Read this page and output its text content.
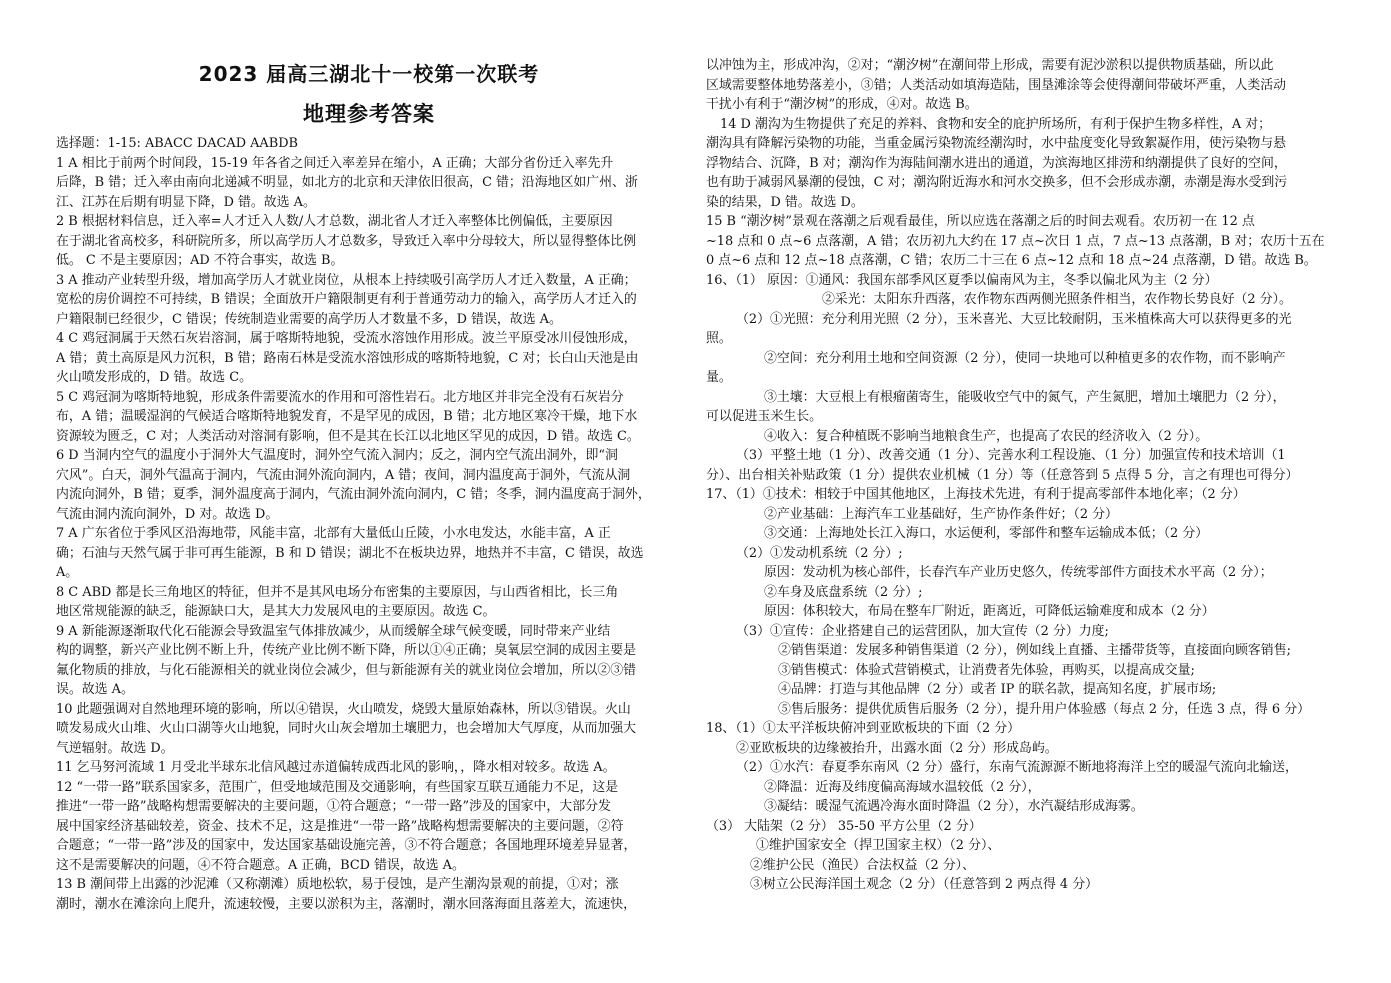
2023 届高三湖北十一校第一次联考
地理参考答案
选择题：1-15: ABACC DACAD AABDB
1 A 相比于前两个时间段，15-19 年各省之间迁入率差异在缩小，A 正确；大部分省份迁入率先升
后降，B 错；迁入率由南向北递减不明显，如北方的北京和天津依旧很高，C 错；沿海地区如广州、浙
江、江苏在后期有明显下降，D 错。故选 A。
2 B 根据材料信息，迁入率=人才迁入人数/人才总数，湖北省人才迁入率整体比例偏低，主要原因
在于湖北省高校多，科研院所多，所以高学历人才总数多，导致迁入率中分母较大，所以显得整体比例
低。 C 不是主要原因；AD 不符合事实，故选 B。
3 A 推动产业转型升级，增加高学历人才就业岗位，从根本上持续吸引高学历人才迁入数量，A 正确；
宽松的房价调控不可持续，B 错误；全面放开户籍限制更有利于普通劳动力的输入，高学历人才迁入的
户籍限制已经很少，C 错误；传统制造业需要的高学历人才数量不多，D 错误，故选 A。
4 C 鸡冠洞属于天然石灰岩溶洞，属于喀斯特地貌，受流水溶蚀作用形成。波兰平原受冰川侵蚀形成，
A 错；黄土高原是风力沉积，B 错；路南石林是受流水溶蚀形成的喀斯特地貌，C 对；长白山天池是由
火山喷发形成的，D 错。故选 C。
5 C 鸡冠洞为喀斯特地貌，形成条件需要流水的作用和可溶性岩石。北方地区并非完全没有石灰岩分
布，A 错；温暖湿润的气候适合喀斯特地貌发育，不是罕见的成因，B 错；北方地区寒冷干燥，地下水
资源较为匮乏，C 对；人类活动对溶洞有影响，但不是其在长江以北地区罕见的成因，D 错。故选 C。
6 D 当洞内空气的温度小于洞外大气温度时，洞外空气流入洞内；反之，洞内空气流出洞外，即“洞
穴风”。白天，洞外气温高于洞内，气流由洞外流向洞内，A 错；夜间，洞内温度高于洞外，气流从洞
内流向洞外，B 错；夏季，洞外温度高于洞内，气流由洞外流向洞内，C 错；冬季，洞内温度高于洞外，
气流由洞内流向洞外，D 对。故选 D。
7 A 广东省位于季风区沿海地带，风能丰富，北部有大量低山丘陵，小水电发达，水能丰富，A 正
确；石油与天然气属于非可再生能源，B 和 D 错误；湖北不在板块边界，地热并不丰富，C 错误，故选
A。
8 C ABD 都是长三角地区的特征，但并不是其风电场分布密集的主要原因，与山西省相比，长三角
地区常规能源的缺乏，能源缺口大，是其大力发展风电的主要原因。故选 C。
9 A 新能源逐渐取代化石能源会导致温室气体排放减少，从而缓解全球气候变暖，同时带来产业结
构的调整，新兴产业比例不断上升，传统产业比例不断下降，所以①④正确；臭氧层空洞的成因主要是
氟化物质的排放，与化石能源相关的就业岗位会减少，但与新能源有关的就业岗位会增加，所以②③错
误。故选 A。
10 此题强调对自然地理环境的影响，所以④错误，火山喷发，烧毁大量原始森林，所以③错误。火山
喷发易成火山堆、火山口湖等火山地貌，同时火山灰会增加土壤肥力，也会增加大气厚度，从而加强大
气逆辐射。故选 D。
11 乞马努河流域 1 月受北半球东北信风越过赤道偏转成西北风的影响，，降水相对较多。故选 A。
12 “一带一路”联系国家多，范围广，但受地域范围及交通影响，有些国家互联互通能力不足，这是
推进“一带一路”战略构想需要解决的主要问题，①符合题意；“一带一路”涉及的国家中，大部分发
展中国家经济基础较差，资金、技术不足，这是推进“一带一路”战略构想需要解决的主要问题，②符
合题意；“一带一路”涉及的国家中，发达国家基础设施完善，③不符合题意；各国地理环境差异显著，
这不是需要解决的问题，④不符合题意。A 正确，BCD 错误，故选 A。
13 B 潮间带上出露的沙泥滩（又称潮滩）质地松软，易于侵蚀，是产生潮沟景观的前提，①对；涨
潮时，潮水在滩涂向上爬升，流速较慢，主要以淤积为主，落潮时，潮水回落海面且落差大，流速快，
以冲蚀为主，形成冲沟，②对；“潮汐树”在潮间带上形成，需要有泥沙淤积以提供物质基础，所以此
区域需要整体地势落差小，③错；人类活动如填海造陆，围垦滩涂等会使得潮间带破坏严重，人类活动
干扰小有利于“潮汐树”的形成，④对。故选 B。
14 D 潮沟为生物提供了充足的养料、食物和安全的庇护所场所，有利于保护生物多样性，A 对；
潮沟具有降解污染物的功能，当重金属污染物流经潮沟时，水中盐度变化导致絮凝作用，使污染物与悬
浮物结合、沉降，B 对；潮沟作为海陆间潮水进出的通道，为滨海地区排涝和纳潮提供了良好的空间，
也有助于减弱风暴潮的侵蚀，C 对；潮沟附近海水和河水交换多，但不会形成赤潮，赤潮是海水受到污
染的结果，D 错。故选 D。
15 B “潮汐树”景观在落潮之后观看最佳，所以应选在落潮之后的时间去观看。农历初一在 12 点
~18 点和 0 点~6 点落潮，A 错；农历初九大约在 17 点~次日 1 点，7 点~13 点落潮，B 对；农历十五在
0 点~6 点和 12 点~18 点落潮，C 错；农历二十三在 6 点~12 点和 18 点~24 点落潮，D 错。故选 B。
16、（1） 原因：①通风：我国东部季风区夏季以偏南风为主，冬季以偏北风为主（2 分）
②采光：太阳东升西落，农作物东西两侧光照条件相当，农作物长势良好（2 分）。
（2）①光照：充分利用光照（2 分），玉米喜光、大豆比较耐阴，玉米植株高大可以获得更多的光
照。
②空间：充分利用土地和空间资源（2 分），使同一块地可以种植更多的农作物，而不影响产
量。
③土壤：大豆根上有根瘤菌寄生，能吸收空气中的氮气，产生氮肥，增加土壤肥力（2 分），
可以促进玉米生长。
④收入：复合种植既不影响当地粮食生产，也提高了农民的经济收入（2 分）。
（3）平整土地（1 分）、改善交通（1 分）、完善水利工程设施、（1 分）加强宣传和技术培训（1
分）、出台相关补贴政策（1 分）提供农业机械（1 分）等（任意答到 5 点得 5 分，言之有理也可得分）
17、（1）①技术：相较于中国其他地区，上海技术先进，有利于提高零部件本地化率；（2 分）
②产业基础：上海汽车工业基础好，生产协作条件好；（2 分）
③交通：上海地处长江入海口，水运便利，零部件和整车运输成本低；（2 分）
（2）①发动机系统（2 分）;
原因：发动机为核心部件，长春汽车产业历史悠久，传统零部件方面技术水平高（2 分）；
②车身及底盘系统（2 分）;
原因：体积较大，布局在整车厂附近，距离近，可降低运输难度和成本（2 分）
（3）①宣传：企业搭建自己的运营团队，加大宣传（2 分）力度;
②销售渠道：发展多种销售渠道（2 分），例如线上直播、主播带货等，直接面向顾客销售;
③销售模式：体验式营销模式，让消费者先体验，再购买，以提高成交量;
④品牌：打造与其他品牌（2 分）或者 IP 的联名款，提高知名度，扩展市场;
⑤售后服务：提供优质售后服务（2 分），提升用户体验感（每点 2 分，任选 3 点，得 6 分）
18、（1）①太平洋板块俯冲到亚欧板块的下面（2 分）
②亚欧板块的边缘被抬升，出露水面（2 分）形成岛屿。
（2）①水汽：春夏季东南风（2 分）盛行，东南气流源源不断地将海洋上空的暖湿气流向北输送，
②降温：近海及纬度偏高海域水温较低（2 分），
③凝结：暖湿气流遇冷海水面时降温（2 分），水汽凝结形成海雾。
（3） 大陆架（2 分） 35-50 平方公里（2 分）
①维护国家安全（捍卫国家主权）（2 分）、
②维护公民（渔民）合法权益（2 分）、
③树立公民海洋国土观念（2 分）（任意答到 2 两点得 4 分）
